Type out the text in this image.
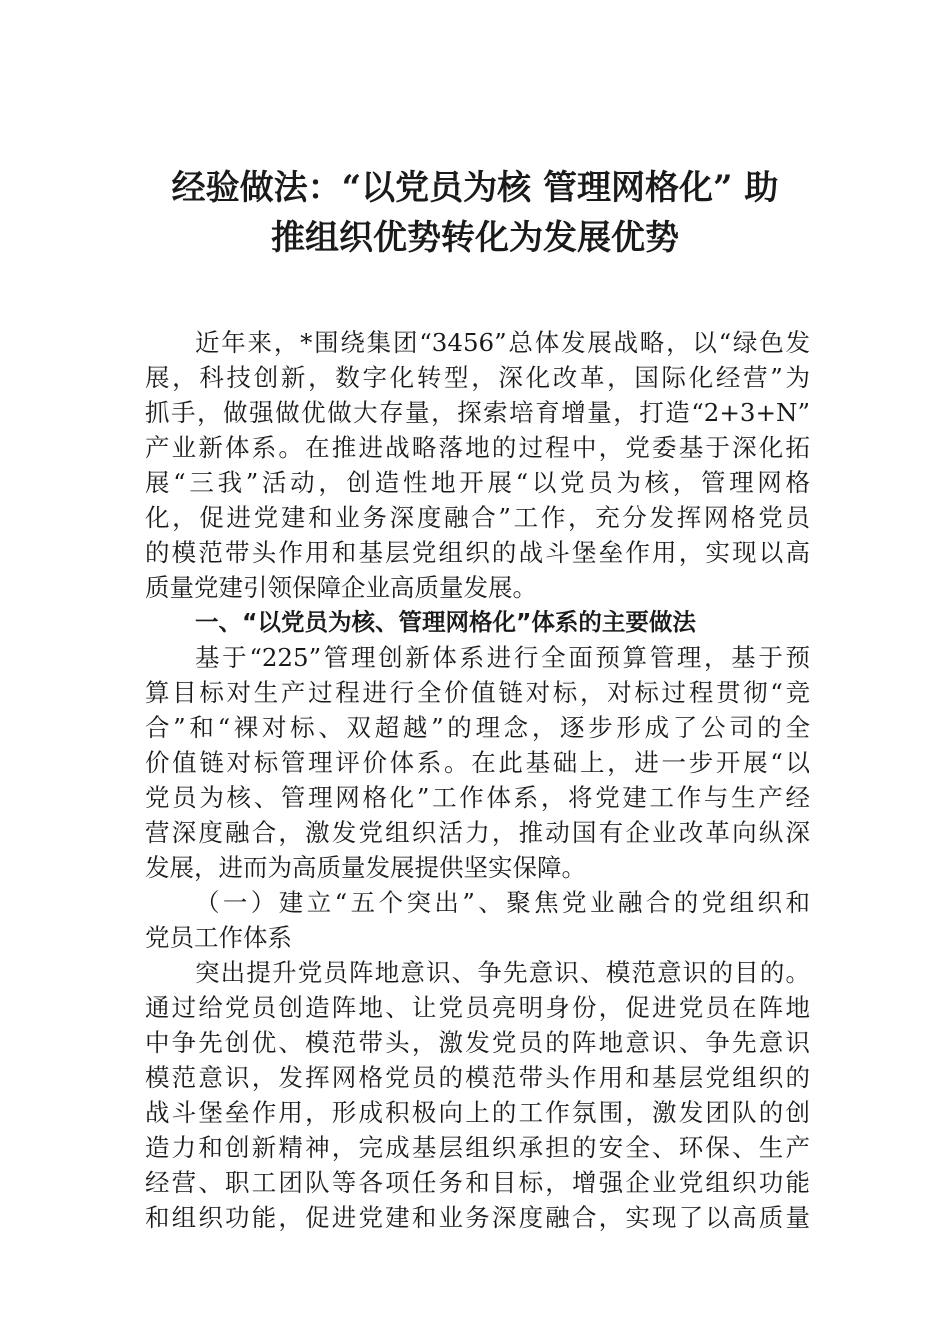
经验做法：“以党员为核 管理网格化” 助
推组织优势转化为发展优势
近年来，*围绕集团“3456”总体发展战略，以“绿色发
展，科技创新，数字化转型，深化改革，国际化经营”为
抓手，做强做优做大存量，探索培育增量，打造“2+3+N”
产业新体系。在推进战略落地的过程中，党委基于深化拓
展“三我”活动，创造性地开展“以党员为核，管理网格
化，促进党建和业务深度融合”工作，充分发挥网格党员
的模范带头作用和基层党组织的战斗堡垒作用，实现以高
质量党建引领保障企业高质量发展。
一、“以党员为核、管理网格化”体系的主要做法
基于“225”管理创新体系进行全面预算管理，基于预
算目标对生产过程进行全价值链对标，对标过程贯彻“竞
合”和“裸对标、双超越”的理念，逐步形成了公司的全
价值链对标管理评价体系。在此基础上，进一步开展“以
党员为核、管理网格化”工作体系，将党建工作与生产经
营深度融合，激发党组织活力，推动国有企业改革向纵深
发展，进而为高质量发展提供坚实保障。
（一）建立“五个突出”、聚焦党业融合的党组织和
党员工作体系
突出提升党员阵地意识、争先意识、模范意识的目的。
通过给党员创造阵地、让党员亮明身份，促进党员在阵地
中争先创优、模范带头，激发党员的阵地意识、争先意识
模范意识，发挥网格党员的模范带头作用和基层党组织的
战斗堡垒作用，形成积极向上的工作氛围，激发团队的创
造力和创新精神，完成基层组织承担的安全、环保、生产
经营、职工团队等各项任务和目标，增强企业党组织功能
和组织功能，促进党建和业务深度融合，实现了以高质量
